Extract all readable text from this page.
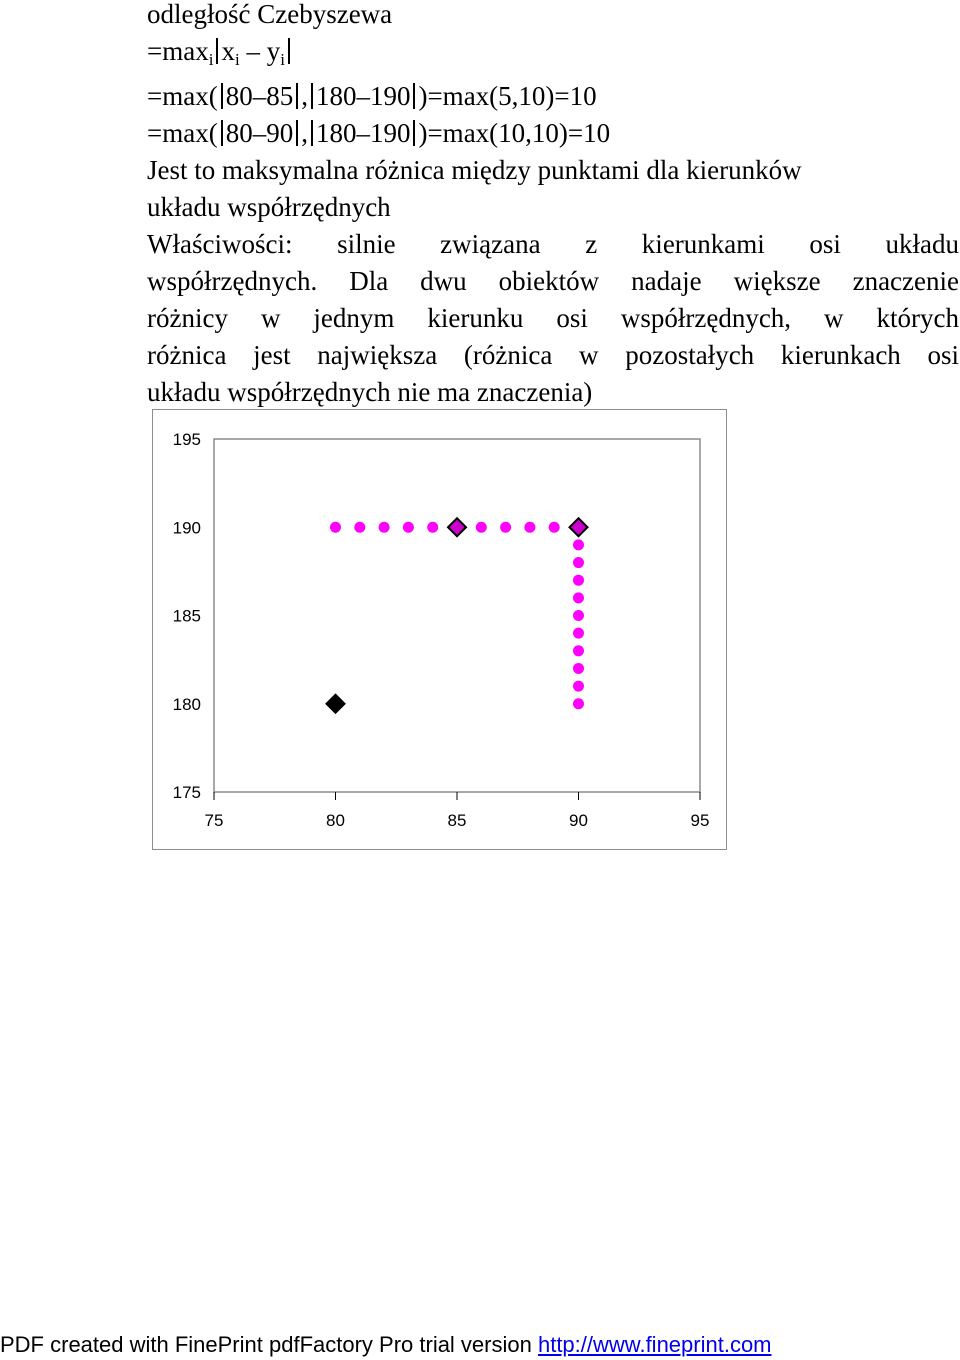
odległość Czebyszewa
$=\max_i$ $x_i - y_i$
=max( 80–85 , 180–190 )=max(5,10)=10
=max( 80–90 , 180–190 )=max(10,10)=10
Jest to maksymalna różnica między punktami dla kierunków
układu współrzędnych
Właściwości: silnie związana z kierunkami osi układu
współrzędnych. Dla dwu obiektów nadaje większe znaczenie
różnicy w jednym kierunku osi współrzędnych, w których
różnica jest największa (różnica w pozostałych kierunkach osi
układu współrzędnych nie ma znaczenia)
195
190
185
180
175
75	80	85	90	95
PDF created with FinePrint pdfFactory Pro trial version http://www.fineprint.com
